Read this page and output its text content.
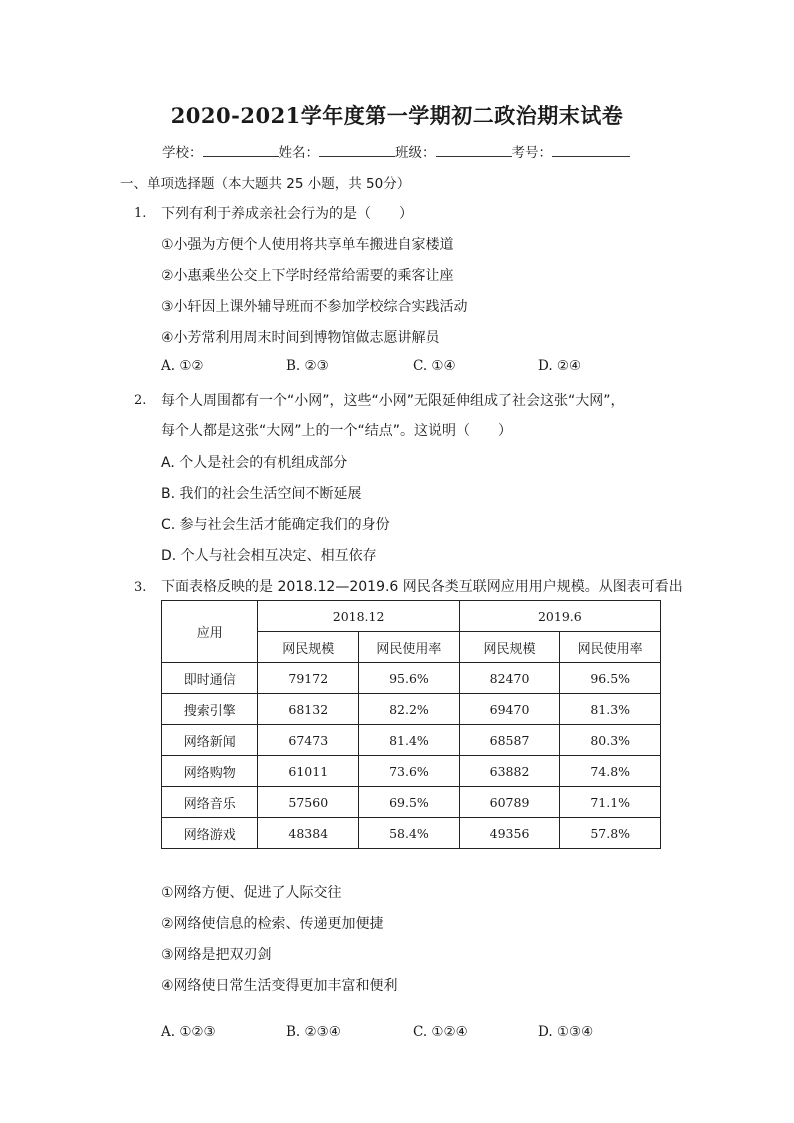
2020-2021学年度第一学期初二政治期末试卷
学校：	姓名：	班级：	考号：
一、单项选择题（本大题共 25 小题，共 50分）
1. 下列有利于养成亲社会行为的是（　　）
①小强为方便个人使用将共享单车搬进自家楼道
②小惠乘坐公交上下学时经常给需要的乘客让座
③小轩因上课外辅导班而不参加学校综合实践活动
④小芳常利用周末时间到博物馆做志愿讲解员
A. ①②	B. ②③	C. ①④	D. ②④
2. 每个人周围都有一个“小网”，这些“小网”无限延伸组成了社会这张“大网”，
每个人都是这张“大网”上的一个“结点”。这说明（　　）
A. 个人是社会的有机组成部分
B. 我们的社会生活空间不断延展
C. 参与社会生活才能确定我们的身份
D. 个人与社会相互决定、相互依存
3. 下面表格反映的是 2018.12—2019.6 网民各类互联网应用用户规模。从图表可看出
应用	2018.12		2019.6	
	网民规模	网民使用率	网民规模	网民使用率
即时通信	79172	95.6%	82470	96.5%
搜索引擎	68132	82.2%	69470	81.3%
网络新闻	67473	81.4%	68587	80.3%
网络购物	61011	73.6%	63882	74.8%
网络音乐	57560	69.5%	60789	71.1%
网络游戏	48384	58.4%	49356	57.8%
①网络方便、促进了人际交往
②网络使信息的检索、传递更加便捷
③网络是把双刃剑
④网络使日常生活变得更加丰富和便利
A. ①②③	B. ②③④	C. ①②④	D. ①③④
